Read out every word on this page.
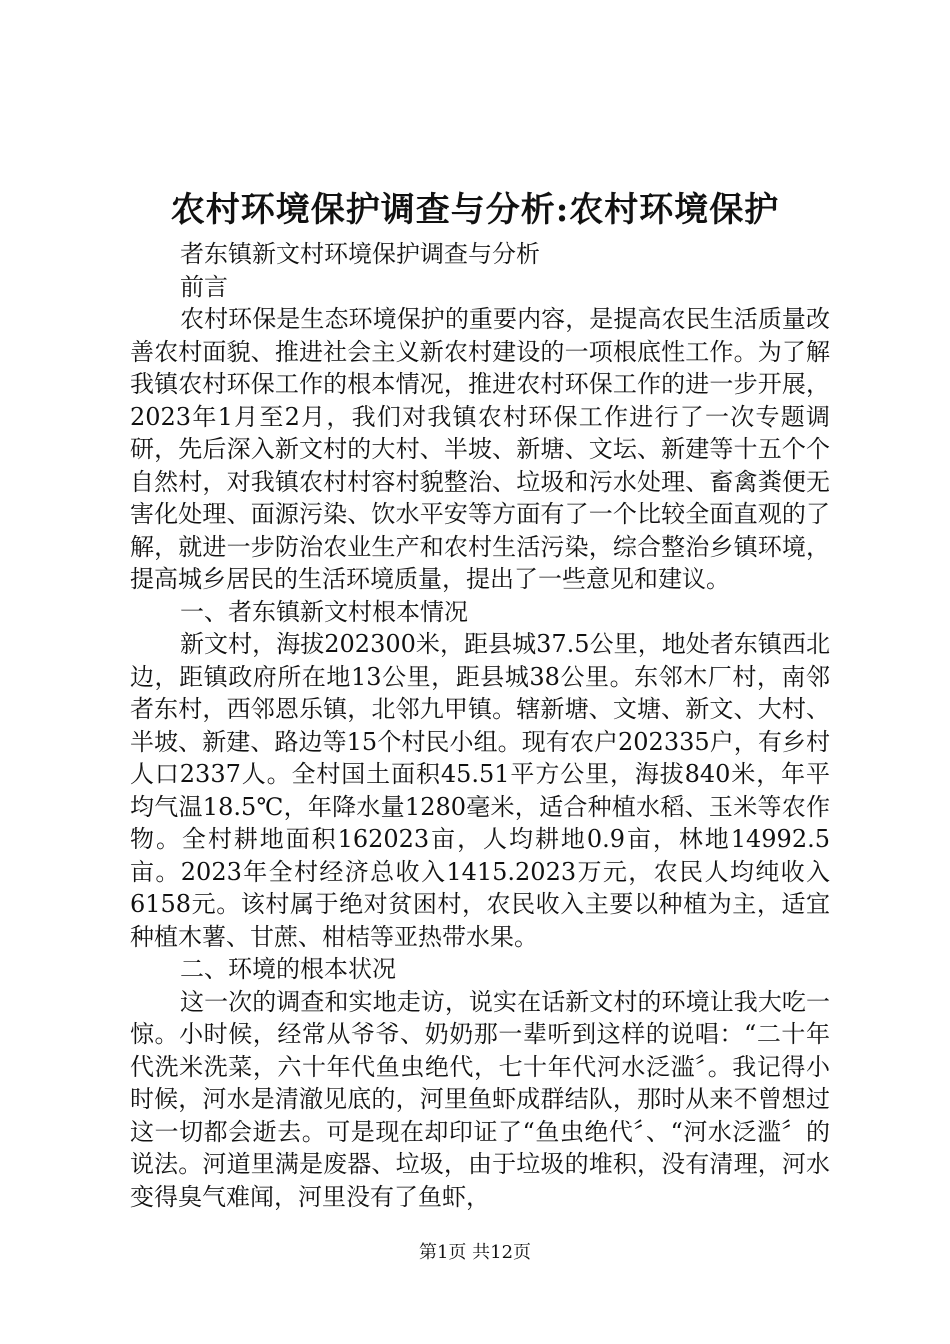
农村环境保护调查与分析:农村环境保护

者东镇新文村环境保护调查与分析

前言

农村环保是生态环境保护的重要内容，是提高农民生活质量改善农村面貌、推进社会主义新农村建设的一项根底性工作。为了解我镇农村环保工作的根本情况，推进农村环保工作的进一步开展，2023年1月至2月，我们对我镇农村环保工作进行了一次专题调研，先后深入新文村的大村、半坡、新塘、文坛、新建等十五个个自然村，对我镇农村村容村貌整治、垃圾和污水处理、畜禽粪便无害化处理、面源污染、饮水平安等方面有了一个比较全面直观的了解，就进一步防治农业生产和农村生活污染，综合整治乡镇环境，提高城乡居民的生活环境质量，提出了一些意见和建议。

一、者东镇新文村根本情况

新文村，海拔202300米，距县城37.5公里，地处者东镇西北边，距镇政府所在地13公里，距县城38公里。东邻木厂村，南邻者东村，西邻恩乐镇，北邻九甲镇。辖新塘、文塘、新文、大村、半坡、新建、路边等15个村民小组。现有农户202335户，有乡村人口2337人。全村国土面积45.51平方公里，海拔840米，年平均气温18.5℃，年降水量1280毫米，适合种植水稻、玉米等农作物。全村耕地面积162023亩，人均耕地0.9亩，林地14992.5亩。2023年全村经济总收入1415.2023万元，农民人均纯收入6158元。该村属于绝对贫困村，农民收入主要以种植为主，适宜种植木薯、甘蔗、柑桔等亚热带水果。

二、环境的根本状况

这一次的调查和实地走访，说实在话新文村的环境让我大吃一惊。小时候，经常从爷爷、奶奶那一辈听到这样的说唱：“二十年代洗米洗菜，六十年代鱼虫绝代，七十年代河水泛滥〞。我记得小时候，河水是清澈见底的，河里鱼虾成群结队，那时从来不曾想过这一切都会逝去。可是现在却印证了“鱼虫绝代〞、“河水泛滥〞的说法。河道里满是废器、垃圾，由于垃圾的堆积，没有清理，河水变得臭气难闻，河里没有了鱼虾，

第1页 共12页
